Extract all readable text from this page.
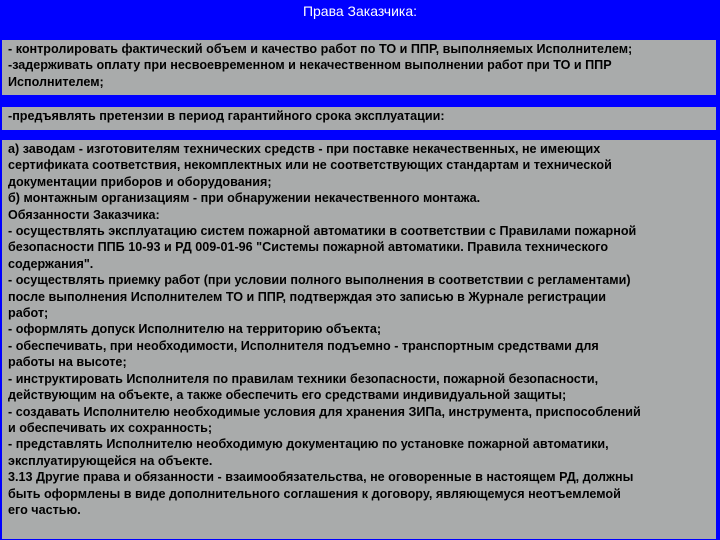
Права Заказчика:
- контролировать фактический объем и качество работ по ТО и ППР, выполняемых Исполнителем;
-задерживать оплату при несвоевременном и некачественном выполнении работ при ТО и ППР
Исполнителем;
-предъявлять претензии в период гарантийного срока эксплуатации:
а) заводам - изготовителям технических средств - при поставке некачественных, не имеющих
сертификата соответствия, некомплектных или не соответствующих стандартам и технической
документации приборов и оборудования;
б) монтажным организациям - при обнаружении некачественного монтажа.
Обязанности Заказчика:
- осуществлять эксплуатацию систем пожарной автоматики в соответствии с Правилами пожарной
безопасности ППБ 10-93 и РД 009-01-96 "Системы пожарной автоматики. Правила технического
содержания".
- осуществлять приемку работ (при условии полного выполнения в соответствии с регламентами)
после выполнения Исполнителем ТО и ППР, подтверждая это записью в Журнале регистрации
работ;
- оформлять допуск Исполнителю на территорию объекта;
- обеспечивать, при необходимости, Исполнителя подъемно - транспортным средствами для
работы на высоте;
- инструктировать Исполнителя по правилам техники безопасности, пожарной безопасности,
действующим на объекте, а также обеспечить его средствами индивидуальной защиты;
- создавать Исполнителю необходимые условия для хранения ЗИПа, инструмента, приспособлений
и обеспечивать их сохранность;
- представлять Исполнителю необходимую документацию по установке пожарной автоматики,
эксплуатирующейся на объекте.
3.13 Другие права и обязанности - взаимообязательства, не оговоренные в настоящем РД, должны
быть оформлены в виде дополнительного соглашения к договору, являющемуся неотъемлемой
его частью.
